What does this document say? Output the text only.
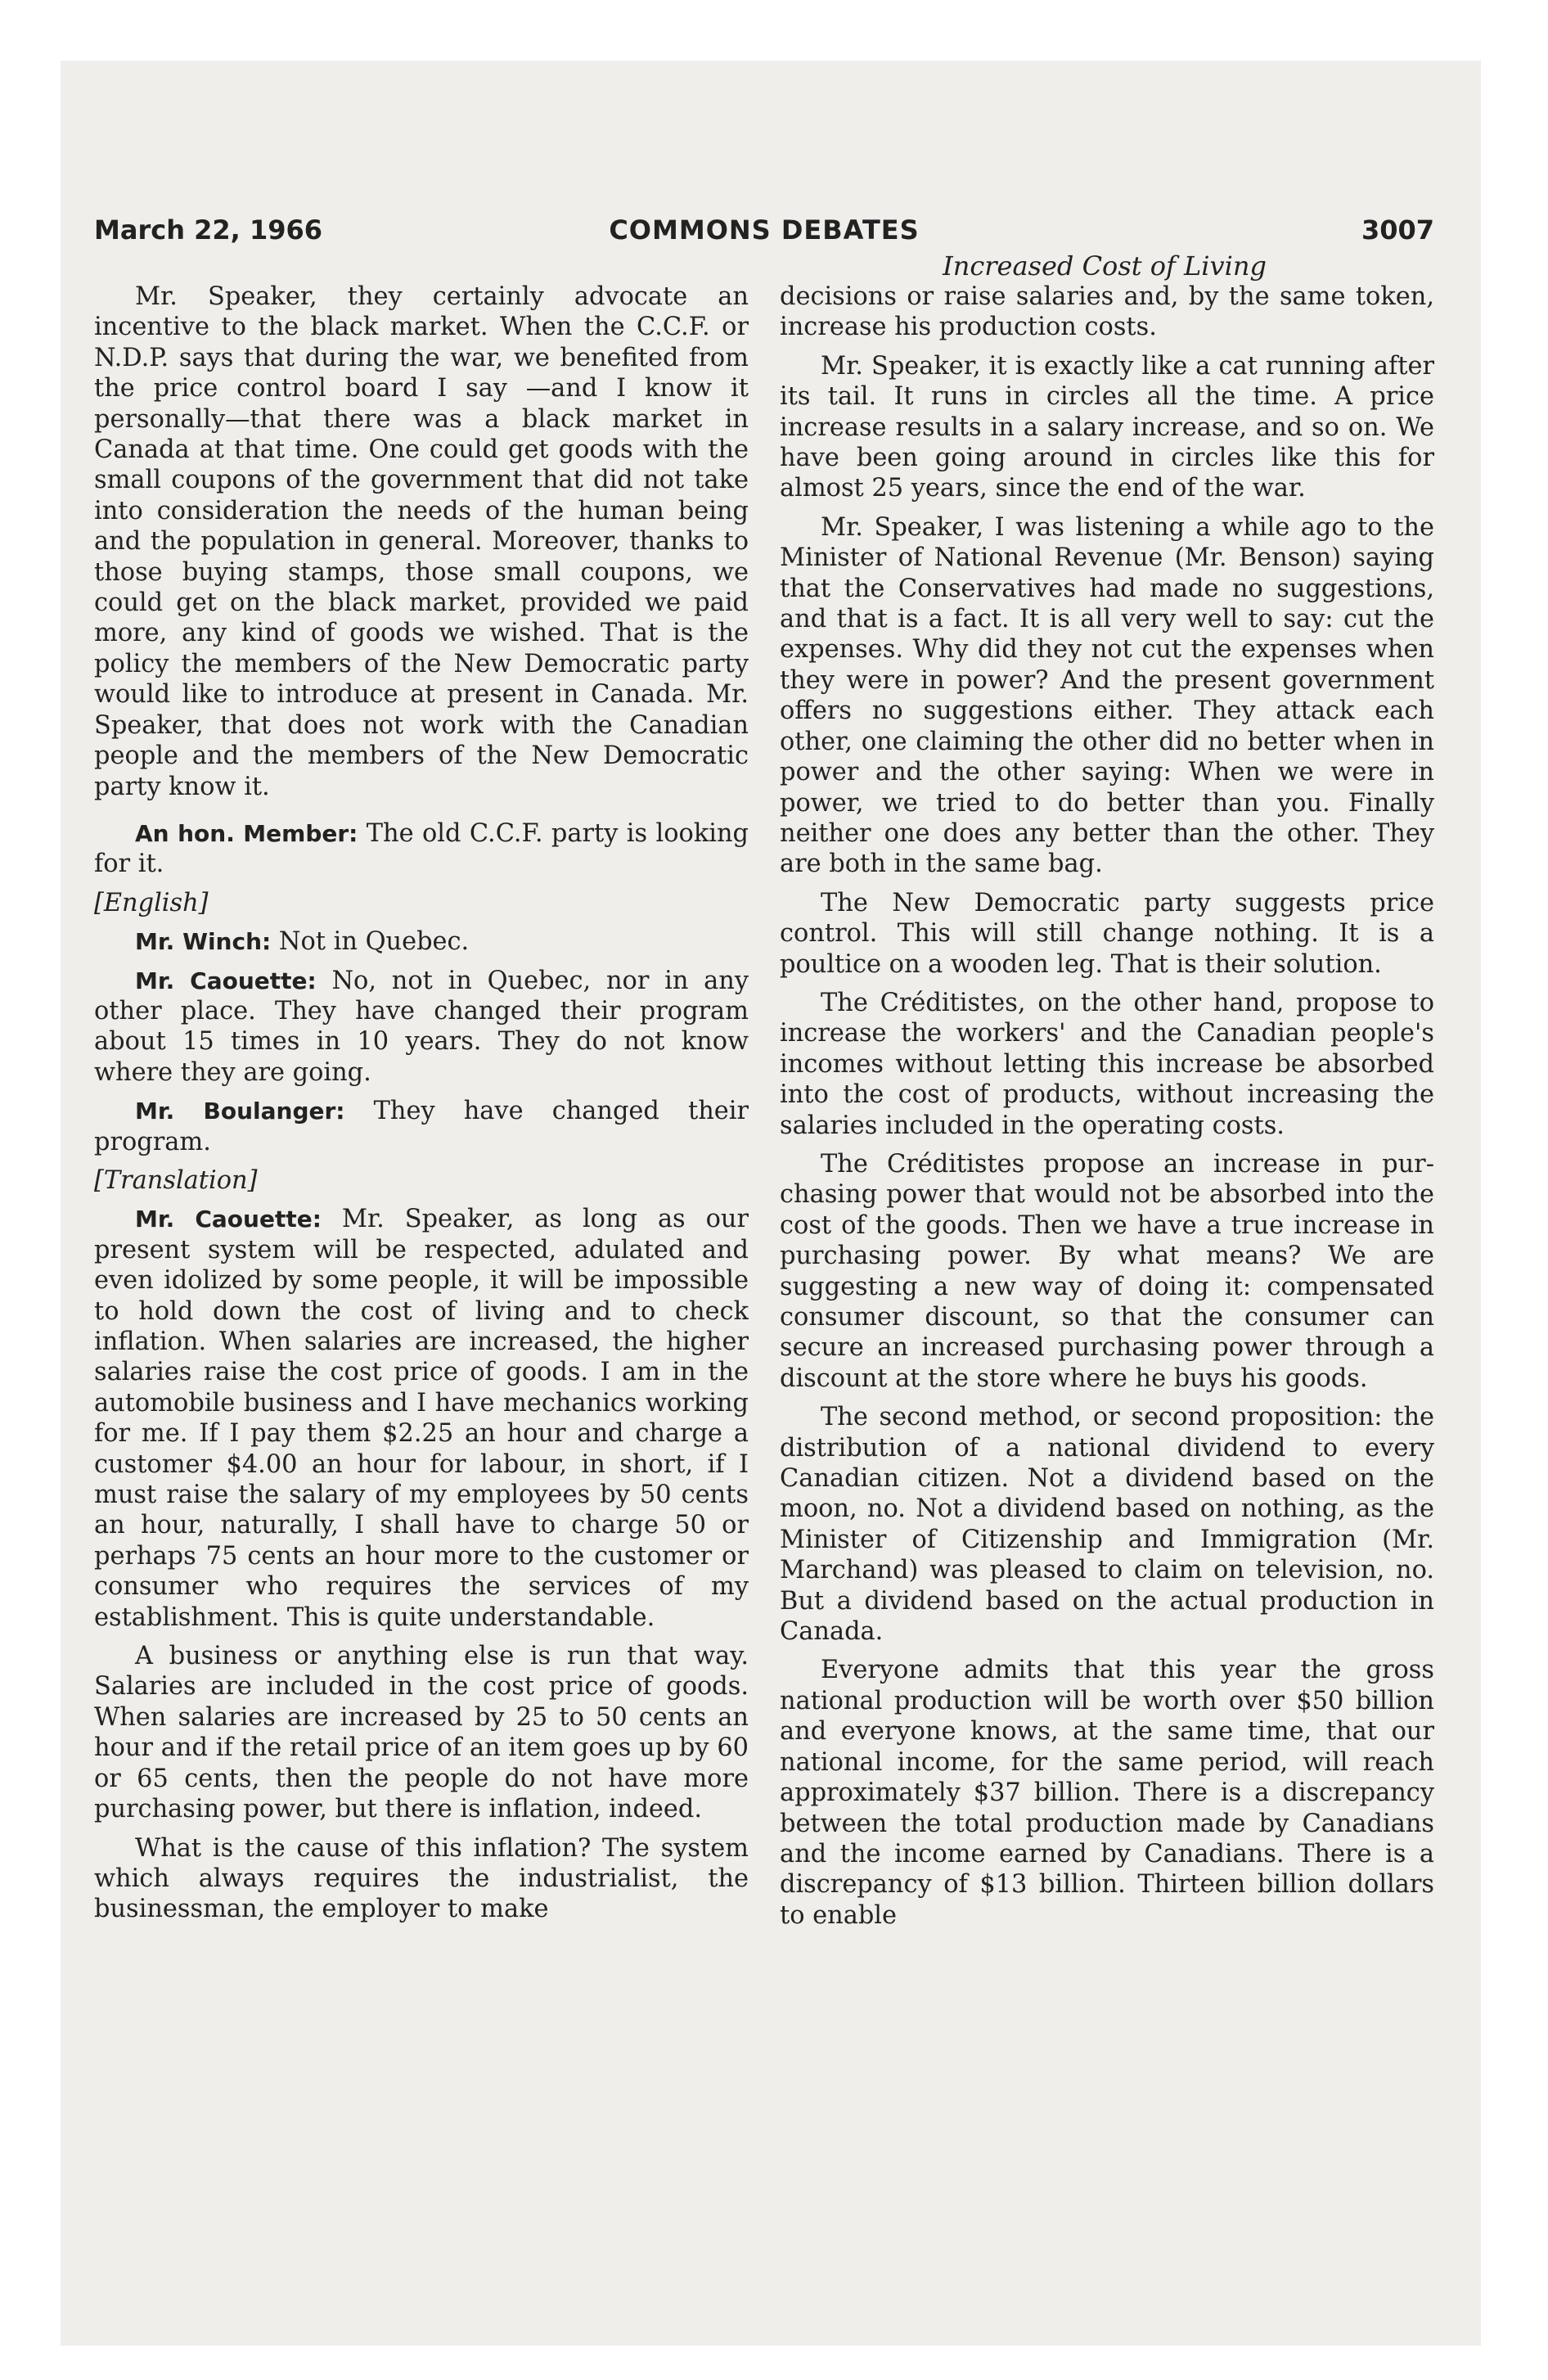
March 22, 1966	COMMONS DEBATES	3007
Increased Cost of Living

Mr. Speaker, they certainly advocate an incentive to the black market. When the C.C.F. or N.D.P. says that during the war, we benefited from the price control board I say —and I know it personally—that there was a black market in Canada at that time. One could get goods with the small coupons of the government that did not take into consideration the needs of the human being and the population in general. Moreover, thanks to those buying stamps, those small coupons, we could get on the black market, provided we paid more, any kind of goods we wished. That is the policy the members of the New Democratic party would like to introduce at present in Canada. Mr. Speaker, that does not work with the Canadian people and the members of the New Democratic party know it.

An hon. Member: The old C.C.F. party is looking for it.

[English]

Mr. Winch: Not in Quebec.

Mr. Caouette: No, not in Quebec, nor in any other place. They have changed their program about 15 times in 10 years. They do not know where they are going.

Mr. Boulanger: They have changed their program.

[Translation]

Mr. Caouette: Mr. Speaker, as long as our present system will be respected, adulated and even idolized by some people, it will be impossible to hold down the cost of living and to check inflation. When salaries are increased, the higher salaries raise the cost price of goods. I am in the automobile business and I have mechanics working for me. If I pay them $2.25 an hour and charge a customer $4.00 an hour for labour, in short, if I must raise the salary of my employees by 50 cents an hour, naturally, I shall have to charge 50 or perhaps 75 cents an hour more to the customer or consumer who requires the services of my establishment. This is quite understandable.

A business or anything else is run that way. Salaries are included in the cost price of goods. When salaries are increased by 25 to 50 cents an hour and if the retail price of an item goes up by 60 or 65 cents, then the people do not have more purchasing power, but there is inflation, indeed.

What is the cause of this inflation? The system which always requires the industrialist, the businessman, the employer to make

decisions or raise salaries and, by the same token, increase his production costs.

Mr. Speaker, it is exactly like a cat running after its tail. It runs in circles all the time. A price increase results in a salary increase, and so on. We have been going around in circles like this for almost 25 years, since the end of the war.

Mr. Speaker, I was listening a while ago to the Minister of National Revenue (Mr. Benson) saying that the Conservatives had made no suggestions, and that is a fact. It is all very well to say: cut the expenses. Why did they not cut the expenses when they were in power? And the present government offers no suggestions either. They attack each other, one claiming the other did no better when in power and the other saying: When we were in power, we tried to do better than you. Finally neither one does any better than the other. They are both in the same bag.

The New Democratic party suggests price control. This will still change nothing. It is a poultice on a wooden leg. That is their solution.

The Créditistes, on the other hand, propose to increase the workers' and the Canadian people's incomes without letting this increase be absorbed into the cost of products, without increasing the salaries included in the operating costs.

The Créditistes propose an increase in purchasing power that would not be absorbed into the cost of the goods. Then we have a true increase in purchasing power. By what means? We are suggesting a new way of doing it: compensated consumer discount, so that the consumer can secure an increased purchasing power through a discount at the store where he buys his goods.

The second method, or second proposition: the distribution of a national dividend to every Canadian citizen. Not a dividend based on the moon, no. Not a dividend based on nothing, as the Minister of Citizenship and Immigration (Mr. Marchand) was pleased to claim on television, no. But a dividend based on the actual production in Canada.

Everyone admits that this year the gross national production will be worth over $50 billion and everyone knows, at the same time, that our national income, for the same period, will reach approximately $37 billion. There is a discrepancy between the total production made by Canadians and the income earned by Canadians. There is a discrepancy of $13 billion. Thirteen billion dollars to enable
